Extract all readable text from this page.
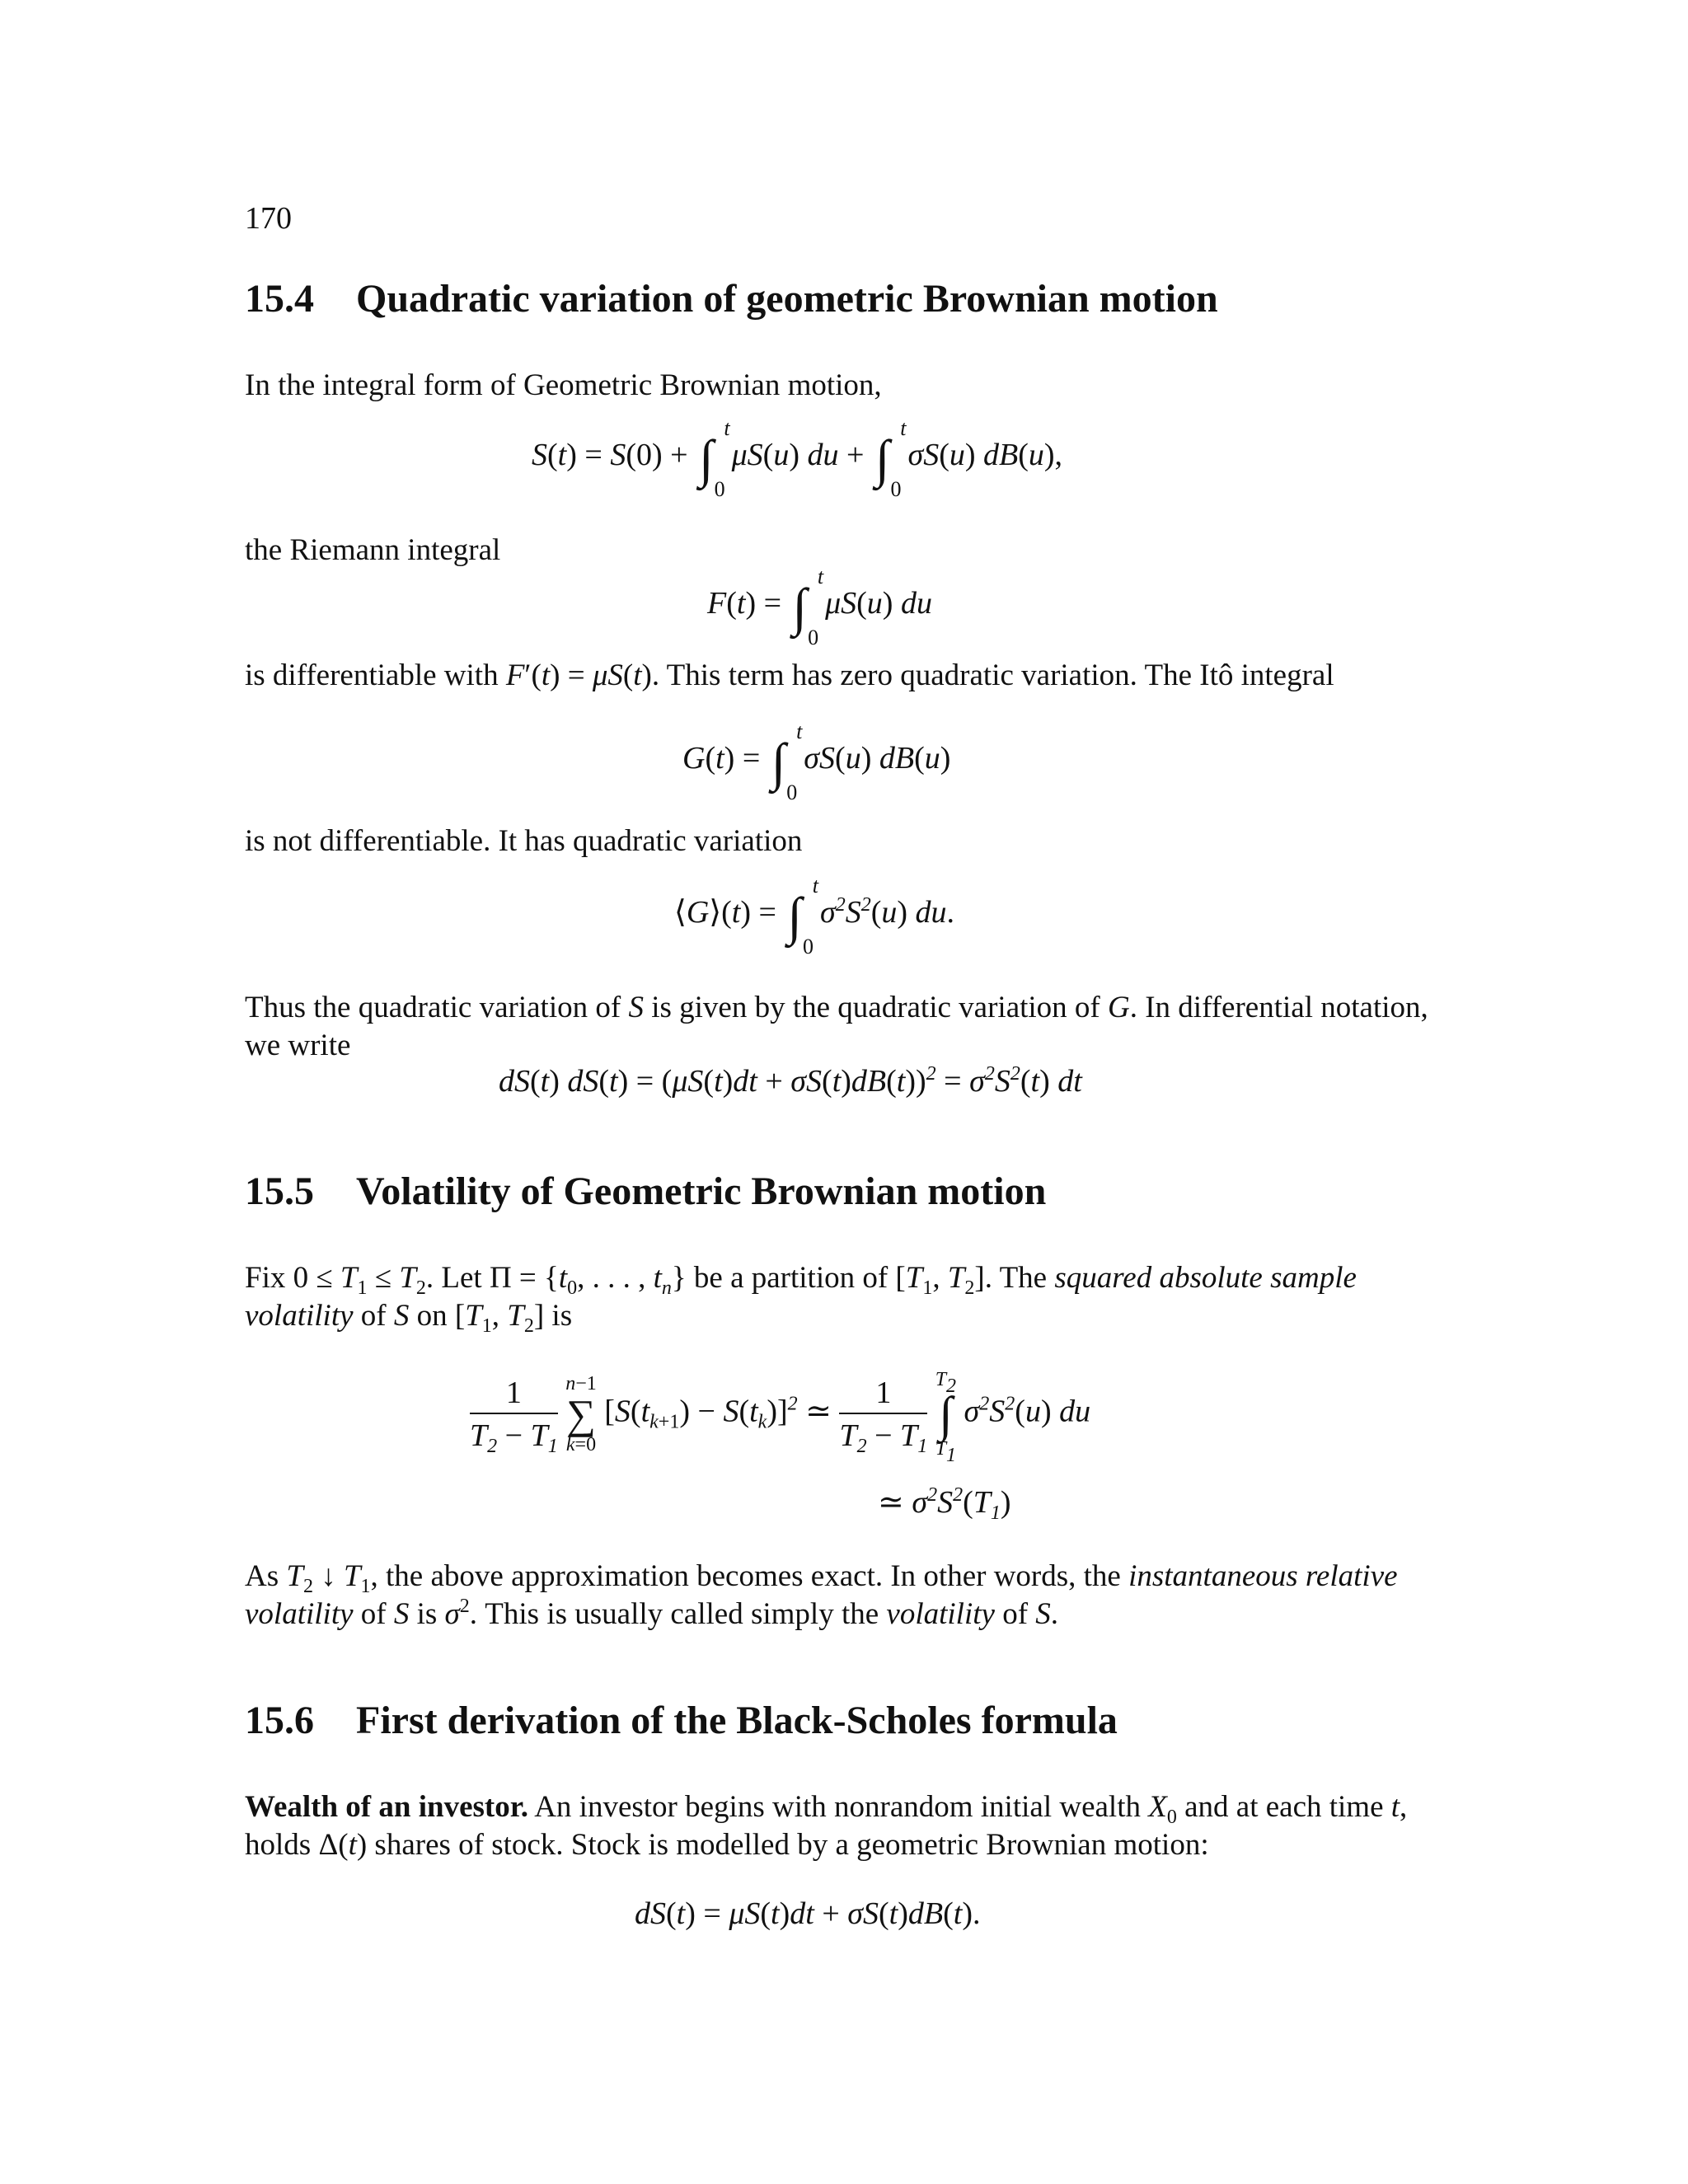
170
15.4 Quadratic variation of geometric Brownian motion

In the integral form of Geometric Brownian motion,

S(t) = S(0) + ∫
t
0
μS(u) du + ∫
t
0
σS(u) dB(u),

the Riemann integral

F(t) = ∫
t
0
μS(u) du

is differentiable with F′(t) = μS(t). This term has zero quadratic variation. The Itô integral

G(t) = ∫
t
0
σS(u) dB(u)

is not differentiable. It has quadratic variation

⟨G⟩(t) = ∫
t
0
$\sigma^2S^2(u)$ du.

Thus the quadratic variation of S is given by the quadratic variation of G. In differential notation, we write

dS(t) $dS(t) = (\mu S(t)dt + \sigma S(t)dB(t))^2 = \sigma^2S^2(t)$ dt
15.5 Volatility of Geometric Brownian motion

Fix $0 \le T_1 \le T_2$. Let $\Pi = \{t_0$, . . . , $t_n$} be a partition of [$T_1$, $T_2$]. The squared absolute sample volatility of S on [$T_1$, $T_2$] is

$\frac{1}{T_2 - T_1}$
n−1
∑
k=0
$[S(t_{k+1}) - S(t_k)]^2$ ≃ $\frac{1}{T_2 - T_1}$
$T_2$
∫
$T_1$
$\sigma^2S^2(u)$ du
≃ $\sigma^2S^2(T_1)$

As $T_2$ ↓ $T_1$, the above approximation becomes exact. In other words, the instantaneous relative volatility of S is $\sigma^2$. This is usually called simply the volatility of S.

15.6 First derivation of the Black-Scholes formula

Wealth of an investor. An investor begins with nonrandom initial wealth $X_0$ and at each time t, holds Δ(t) shares of stock. Stock is modelled by a geometric Brownian motion:

dS(t) = μS(t)dt + σS(t)dB(t).
